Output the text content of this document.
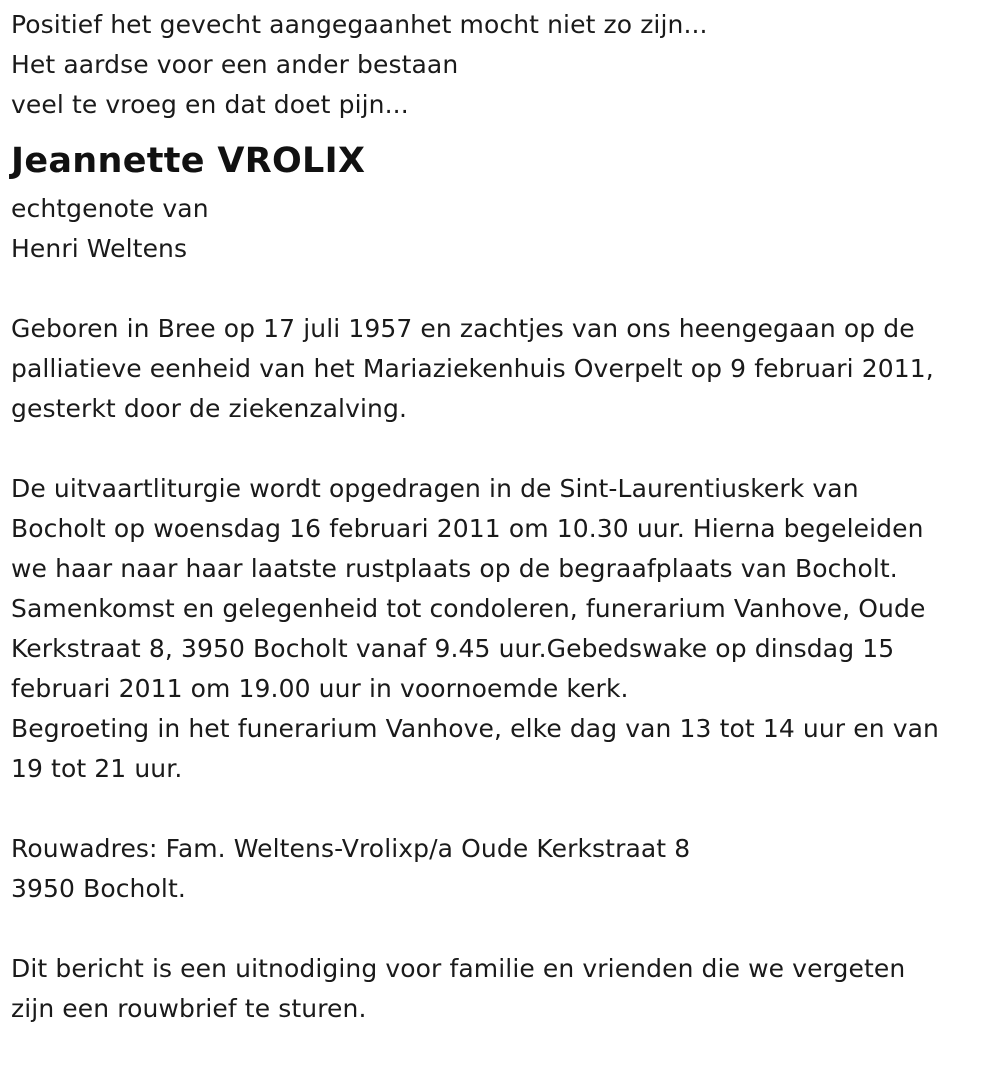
Positief het gevecht aangegaanhet mocht niet zo zijn...
Het aardse voor een ander bestaan
veel te vroeg en dat doet pijn...
Jeannette VROLIX
echtgenote van
Henri Weltens
Geboren in Bree op 17 juli 1957 en zachtjes van ons heengegaan op de
palliatieve eenheid van het Mariaziekenhuis Overpelt op 9 februari 2011,
gesterkt door de ziekenzalving.
De uitvaartliturgie wordt opgedragen in de Sint-Laurentiuskerk van
Bocholt op woensdag 16 februari 2011 om 10.30 uur. Hierna begeleiden
we haar naar haar laatste rustplaats op de begraafplaats van Bocholt.
Samenkomst en gelegenheid tot condoleren, funerarium Vanhove, Oude
Kerkstraat 8, 3950 Bocholt vanaf 9.45 uur.Gebedswake op dinsdag 15
februari 2011 om 19.00 uur in voornoemde kerk.
Begroeting in het funerarium Vanhove, elke dag van 13 tot 14 uur en van
19 tot 21 uur.
Rouwadres: Fam. Weltens-Vrolixp/a Oude Kerkstraat 8
3950 Bocholt.
Dit bericht is een uitnodiging voor familie en vrienden die we vergeten
zijn een rouwbrief te sturen.
